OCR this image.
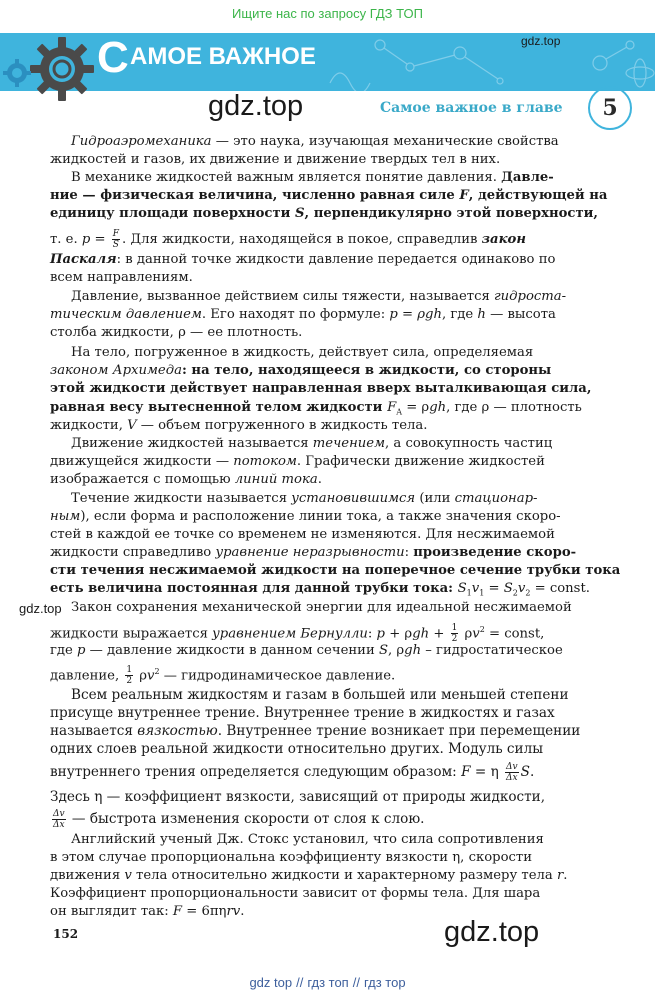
Ищите нас по запросу ГДЗ ТОП
С АМОЕ ВАЖНОЕ
gdz.top
gdz.top	Самое важное в главе	5
Гидроаэромеханика — это наука, изучающая механические свойства
жидкостей и газов, их движение и движение твердых тел в них.
В механике жидкостей важным является понятие давления. Давле-
ние — физическая величина, численно равная силе F, действующей на
единицу площади поверхности S, перпендикулярно этой поверхности,
т. е. $p = \frac{F}{S}$ . Для жидкости, находящейся в покое, справедлив закон
Паскаля: в данной точке жидкости давление передается одинаково по
всем направлениям.
Давление, вызванное действием силы тяжести, называется гидроста-
тическим давлением. Его находят по формуле: p = ρgh, где h — высота
столба жидкости, ρ — ее плотность.
На тело, погруженное в жидкость, действует сила, определяемая
законом Архимеда: на тело, находящееся в жидкости, со стороны
этой жидкости действует направленная вверх выталкивающая сила,
равная весу вытесненной телом жидкости $F_A = \rho gh$, где ρ — плотность
жидкости, V — объем погруженного в жидкость тела.
Движение жидкостей называется течением, а совокупность частиц
движущейся жидкости — потоком. Графически движение жидкостей
изображается с помощью линий тока.
Течение жидкости называется установившимся (или стационар-
ным), если форма и расположение линии тока, а также значения скоро-
стей в каждой ее точке со временем не изменяются. Для несжимаемой
жидкости справедливо уравнение неразрывности: произведение скоро-
сти течения несжимаемой жидкости на поперечное сечение трубки тока
есть величина постоянная для данной трубки тока: $S_1v_1 = S_2v_2$ = const.
Закон сохранения механической энергии для идеальной несжимаемой
жидкости выражается уравнением Бернулли: $p + \rho gh + \frac{1}{2} \rho v^2$ = const,
где p — давление жидкости в данном сечении S, ρgh – гидростатическое
давление, $\frac{1}{2} \rho v^2$ — гидродинамическое давление.
Всем реальным жидкостям и газам в большей или меньшей степени
присуще внутреннее трение. Внутреннее трение в жидкостях и газах
называется вязкостью. Внутреннее трение возникает при перемещении
одних слоев реальной жидкости относительно других. Модуль силы
внутреннего трения определяется следующим образом: F = η $\frac{\Delta v}{\Delta x} S$.
Здесь η — коэффициент вязкости, зависящий от природы жидкости,
$\frac{\Delta v}{\Delta x}$ — быстрота изменения скорости от слоя к слою.
Английский ученый Дж. Стокс установил, что сила сопротивления
в этом случае пропорциональна коэффициенту вязкости η, скорости
движения v тела относительно жидкости и характерному размеру тела r.
Коэффициент пропорциональности зависит от формы тела. Для шара
он выглядит так: F = 6πηrv.
gdz.top
152	gdz.top
gdz top // гдз топ // гдз тор
